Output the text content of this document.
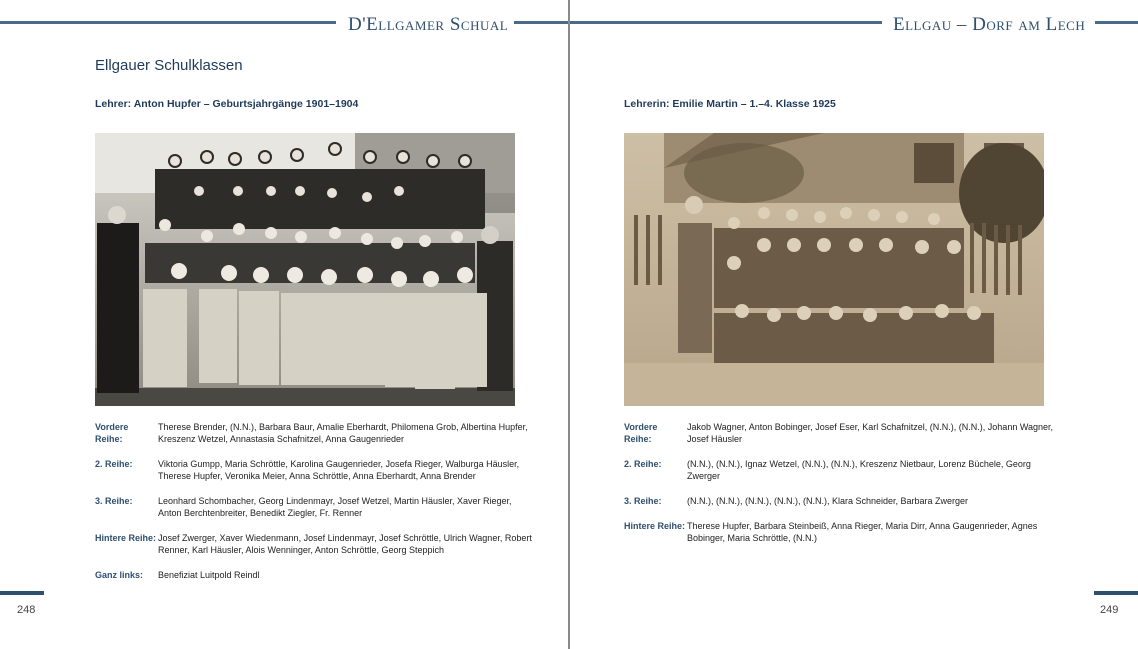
D'Ellgamer Schual
Ellgauer Schulklassen
Lehrer: Anton Hupfer – Geburtsjahrgänge 1901–1904
Vordere Reihe:
Therese Brender, (N.N.), Barbara Baur, Amalie Eberhardt, Philomena Grob, Albertina Hupfer, Kreszenz Wetzel, Annastasia Schafnitzel, Anna Gaugenrieder
2. Reihe:	Viktoria Gumpp, Maria Schröttle, Karolina Gaugenrieder, Josefa Rieger, Walburga Häusler, Therese Hupfer, Veronika Meier, Anna Schröttle, Anna Eberhardt, Anna Brender
3. Reihe:	Leonhard Schombacher, Georg Lindenmayr, Josef Wetzel, Martin Häusler, Xaver Rieger, Anton Berchtenbreiter, Benedikt Ziegler, Fr. Renner
Hintere Reihe: Josef Zwerger, Xaver Wiedenmann, Josef Lindenmayr, Josef Schröttle, Ulrich Wagner, Robert Renner, Karl Häusler, Alois Wenninger, Anton Schröttle, Georg Steppich
Ganz links:	Benefiziat Luitpold Reindl
248
Ellgau – Dorf am Lech
Lehrerin: Emilie Martin – 1.–4. Klasse 1925
Vordere Reihe:
Jakob Wagner, Anton Bobinger, Josef Eser, Karl Schafnitzel, (N.N.), (N.N.), Johann Wagner, Josef Häusler
2. Reihe:	(N.N.), (N.N.), Ignaz Wetzel, (N.N.), (N.N.), Kreszenz Nietbaur, Lorenz Büchele, Georg Zwerger
3. Reihe:	(N.N.), (N.N.), (N.N.), (N.N.), (N.N.), Klara Schneider, Barbara Zwerger
Hintere Reihe: Therese Hupfer, Barbara Steinbeiß, Anna Rieger, Maria Dirr, Anna Gaugenrieder, Agnes Bobinger, Maria Schröttle, (N.N.)
249
